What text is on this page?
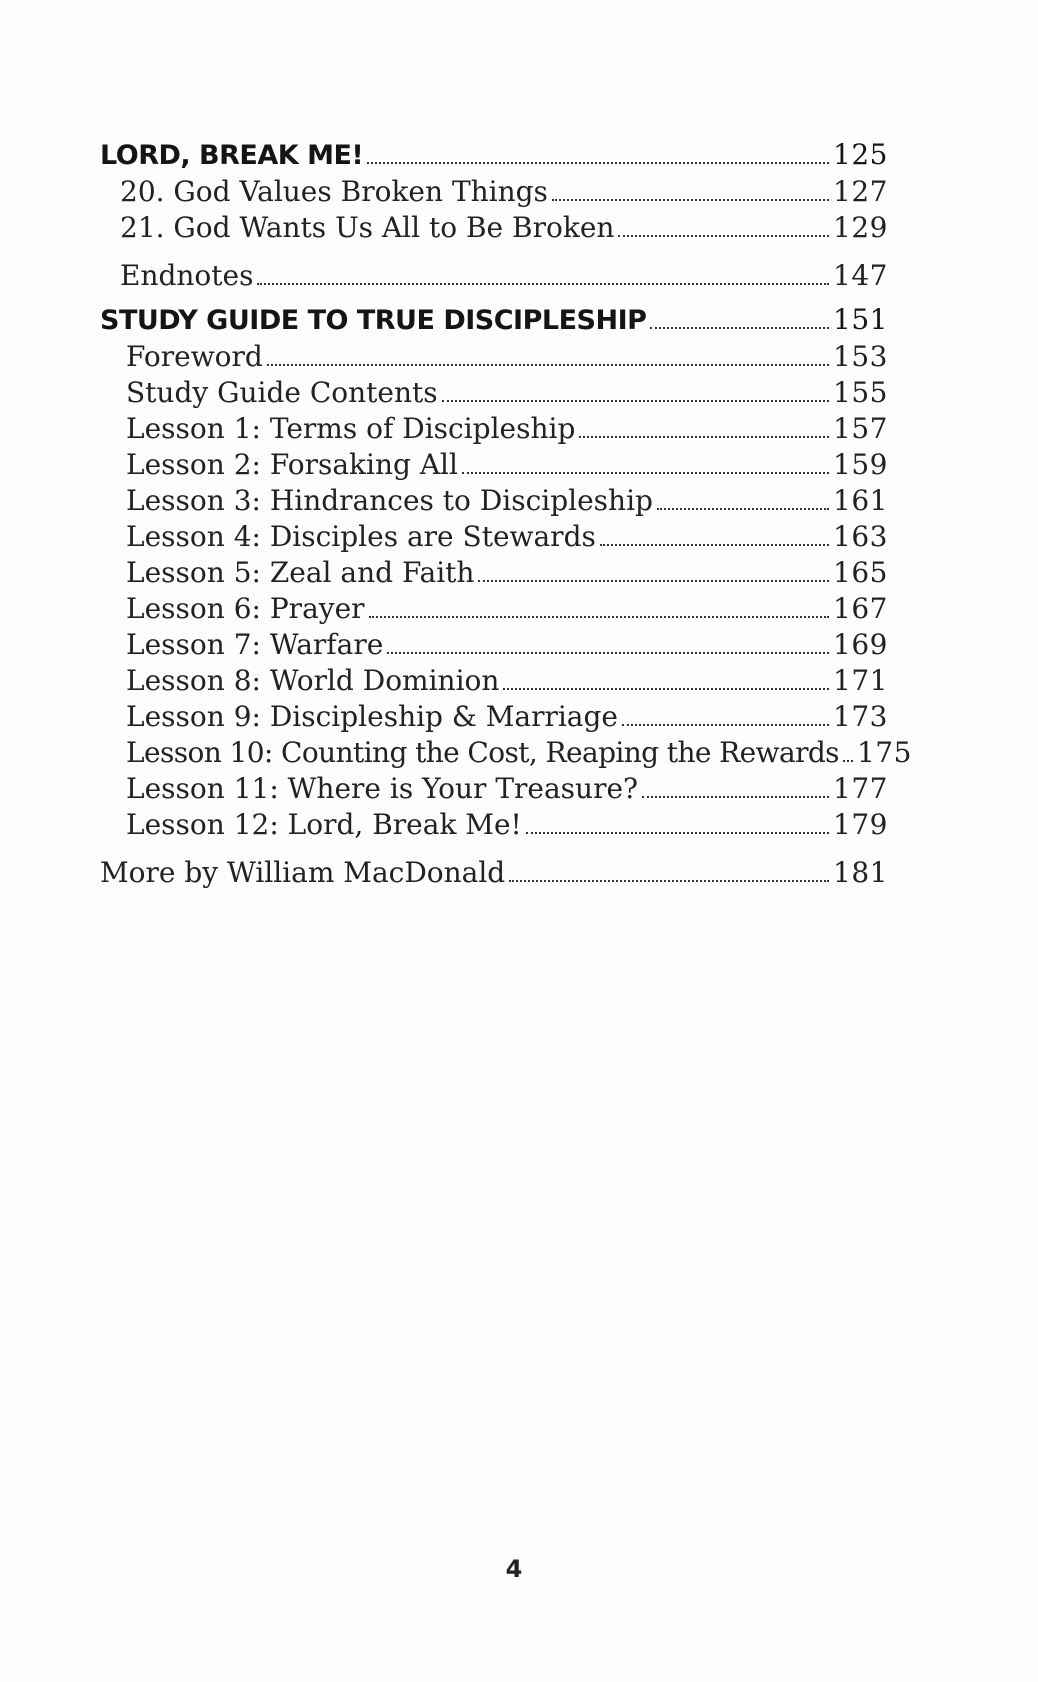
LORD, BREAK ME!	125
20. God Values Broken Things	127
21. God Wants Us All to Be Broken	129
Endnotes	147
STUDY GUIDE TO TRUE DISCIPLESHIP	151
Foreword	153
Study Guide Contents	155
Lesson 1: Terms of Discipleship	157
Lesson 2: Forsaking All	159
Lesson 3: Hindrances to Discipleship	161
Lesson 4: Disciples are Stewards	163
Lesson 5: Zeal and Faith	165
Lesson 6: Prayer	167
Lesson 7: Warfare	169
Lesson 8: World Dominion	171
Lesson 9: Discipleship & Marriage	173
Lesson 10: Counting the Cost, Reaping the Rewards 175
Lesson 11: Where is Your Treasure?	177
Lesson 12: Lord, Break Me!	179
More by William MacDonald	181
4
